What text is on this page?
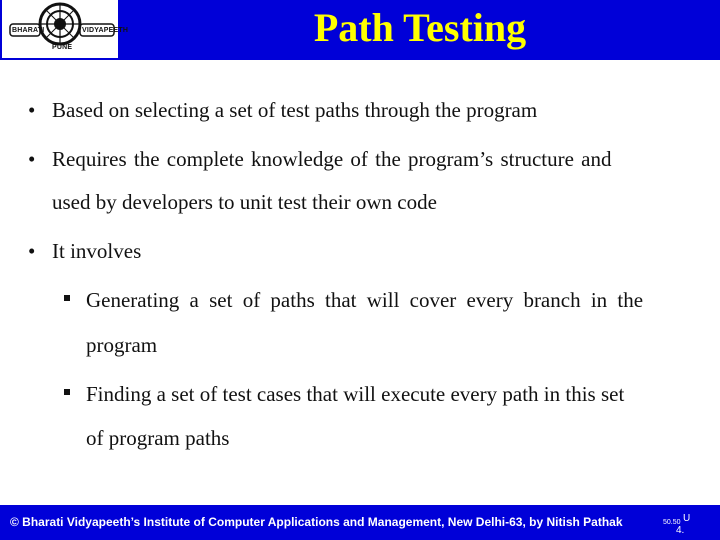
BHARATI	VIDYAPEETH
PUNE	Path Testing
• Based on selecting a set of test paths through the program
• Requires the complete knowledge of the program’s structure and
used by developers to unit test their own code
• It involves
Generating a set of paths that will cover every branch in the
program
Finding a set of test cases that will execute every path in this set
of program paths
© Bharati Vidyapeeth’s Institute of Computer Applications and Management, New Delhi-63, by Nitish Pathak	50.50 U
4.
